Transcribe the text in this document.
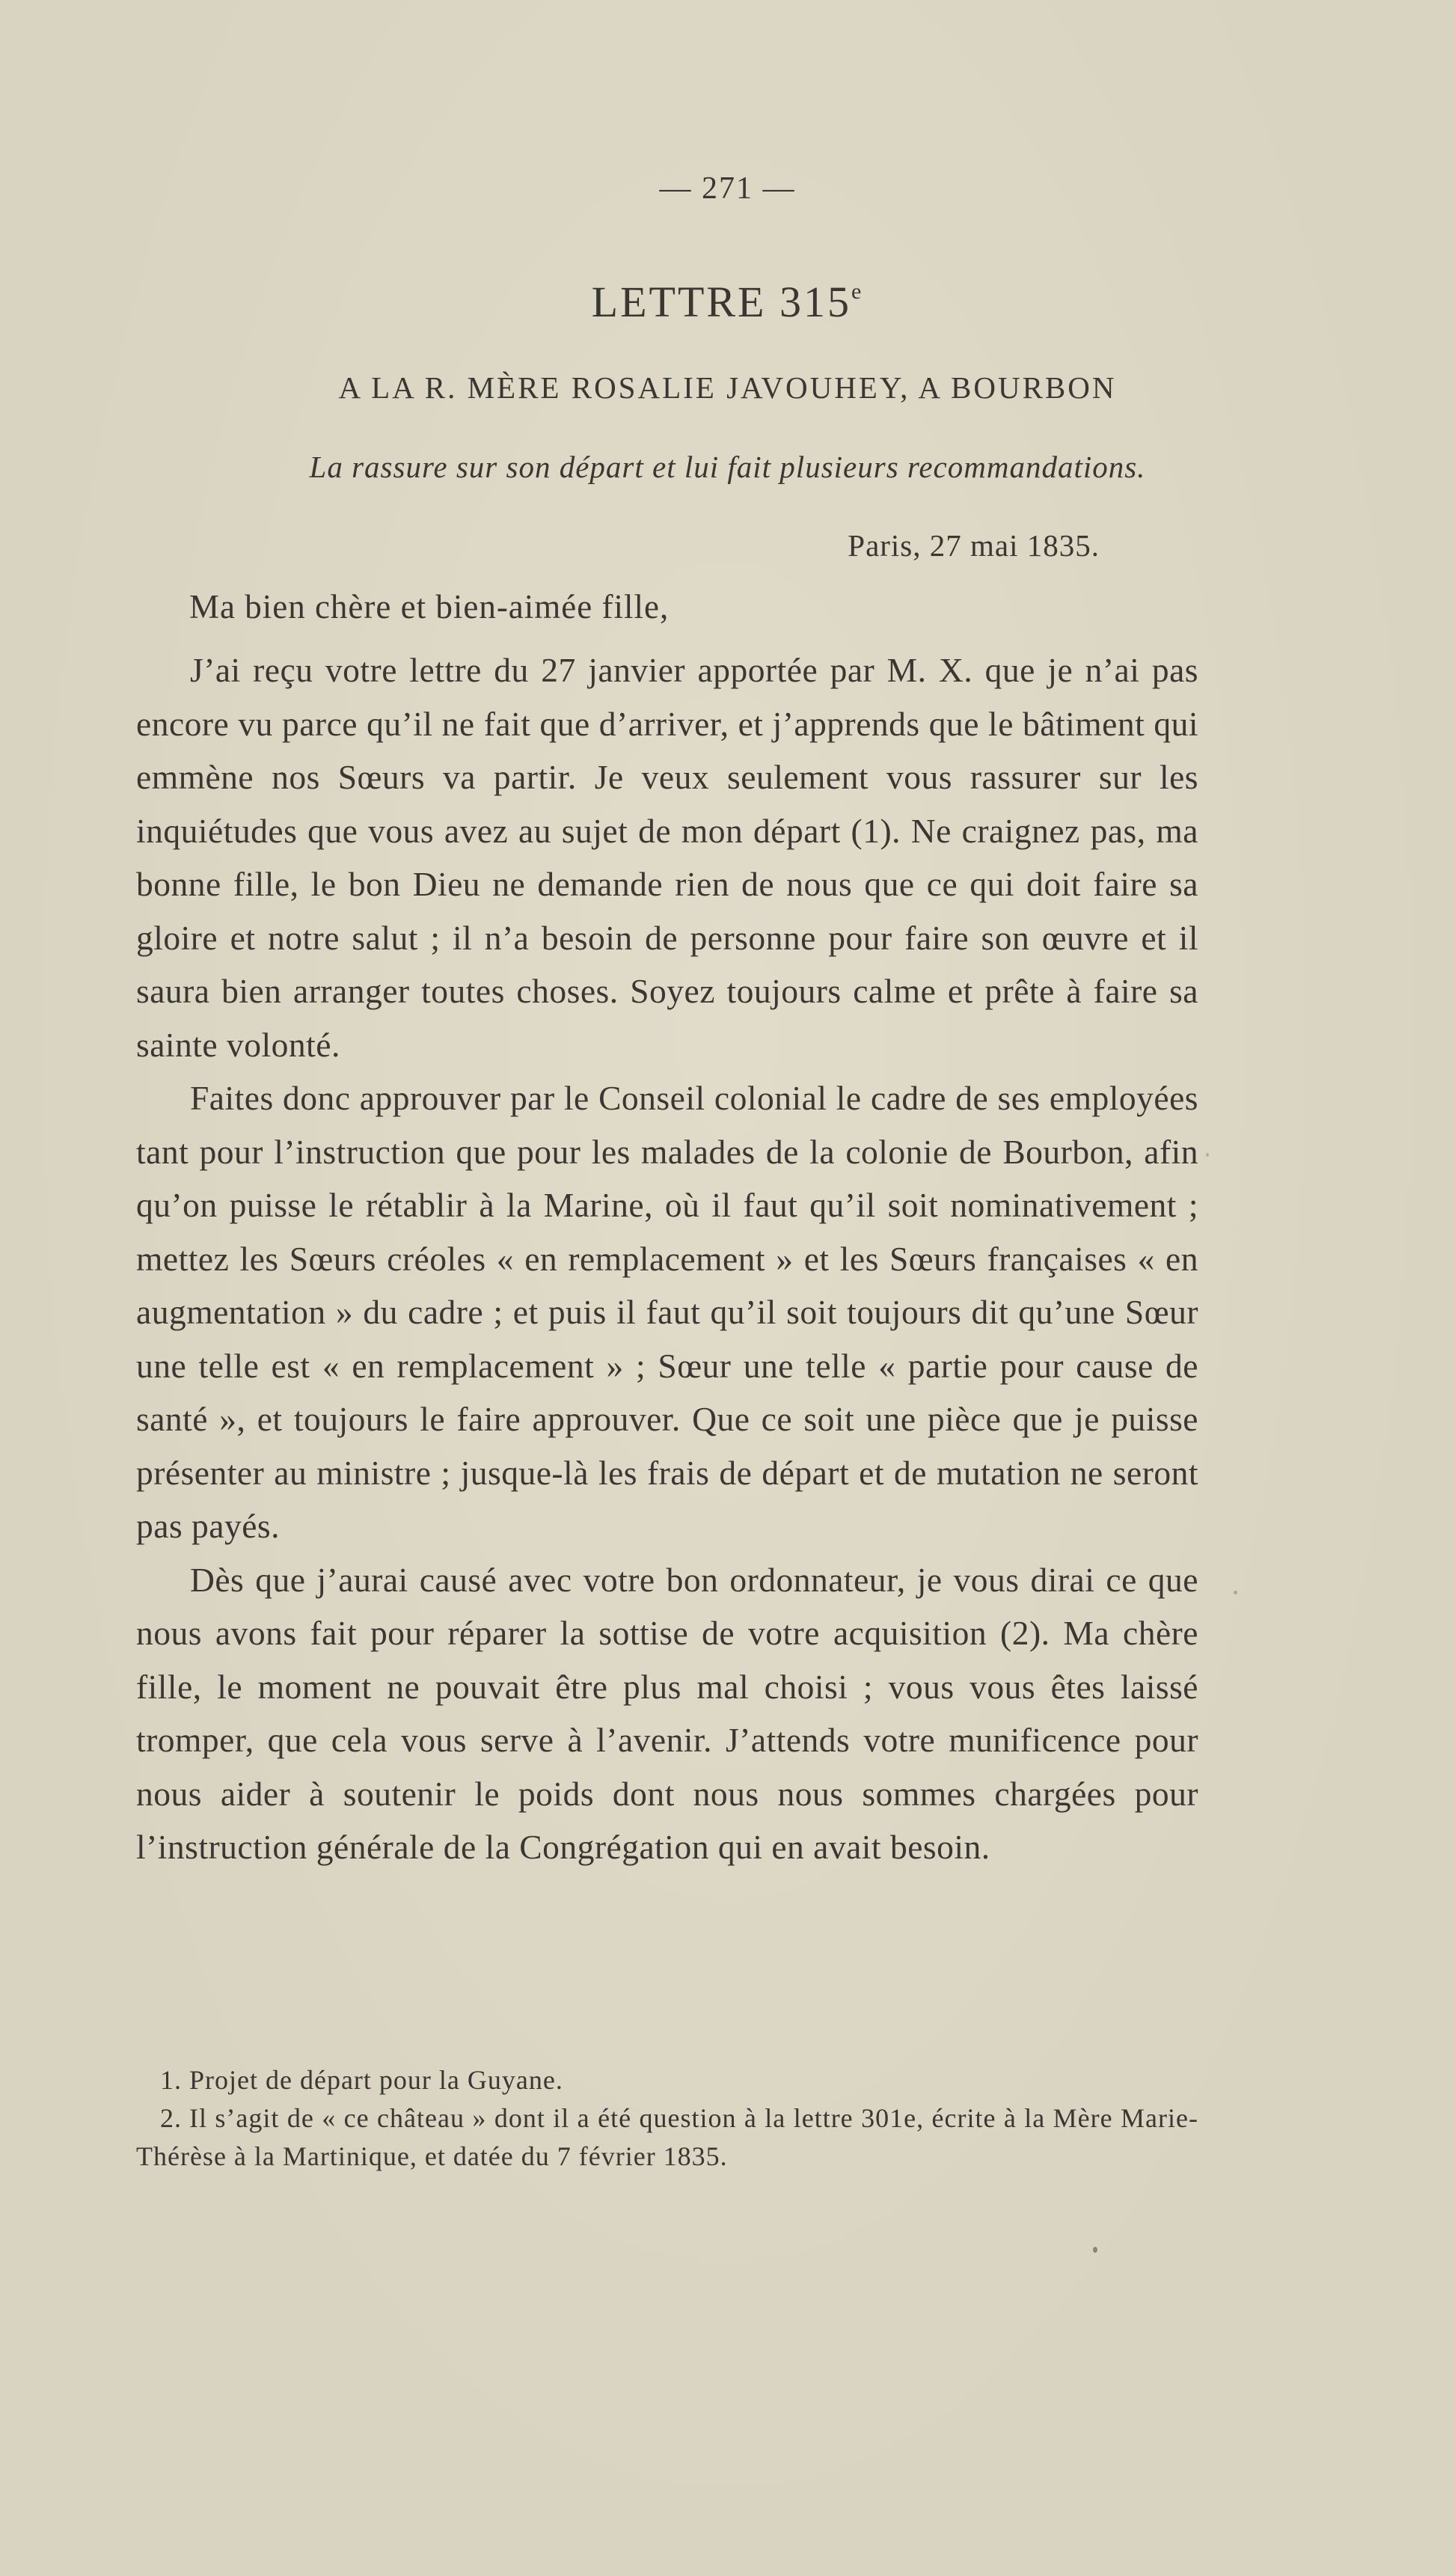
— 271 —
LETTRE 315e
A LA R. MÈRE ROSALIE JAVOUHEY, A BOURBON
La rassure sur son départ et lui fait plusieurs recommandations.
Paris, 27 mai 1835.
Ma bien chère et bien-aimée fille,

J’ai reçu votre lettre du 27 janvier apportée par M. X. que je n’ai pas encore vu parce qu’il ne fait que d’arriver, et j’apprends que le bâtiment qui emmène nos Sœurs va partir. Je veux seulement vous rassurer sur les inquiétudes que vous avez au sujet de mon départ (1). Ne craignez pas, ma bonne fille, le bon Dieu ne demande rien de nous que ce qui doit faire sa gloire et notre salut ; il n’a besoin de personne pour faire son œuvre et il saura bien arranger toutes choses. Soyez toujours calme et prête à faire sa sainte volonté.

Faites donc approuver par le Conseil colonial le cadre de ses employées tant pour l’instruction que pour les malades de la colonie de Bourbon, afin qu’on puisse le rétablir à la Marine, où il faut qu’il soit nominativement ; mettez les Sœurs créoles « en remplacement » et les Sœurs françaises « en augmentation » du cadre ; et puis il faut qu’il soit toujours dit qu’une Sœur une telle est « en remplacement » ; Sœur une telle « partie pour cause de santé », et toujours le faire approuver. Que ce soit une pièce que je puisse présenter au ministre ; jusque-là les frais de départ et de mutation ne seront pas payés.

Dès que j’aurai causé avec votre bon ordonnateur, je vous dirai ce que nous avons fait pour réparer la sottise de votre acquisition (2). Ma chère fille, le moment ne pouvait être plus mal choisi ; vous vous êtes laissé tromper, que cela vous serve à l’avenir. J’attends votre munificence pour nous aider à soutenir le poids dont nous nous sommes chargées pour l’instruction générale de la Congrégation qui en avait besoin.

1. Projet de départ pour la Guyane.

2. Il s’agit de « ce château » dont il a été question à la lettre 301e, écrite à la Mère Marie-Thérèse à la Martinique, et datée du 7 février 1835.
